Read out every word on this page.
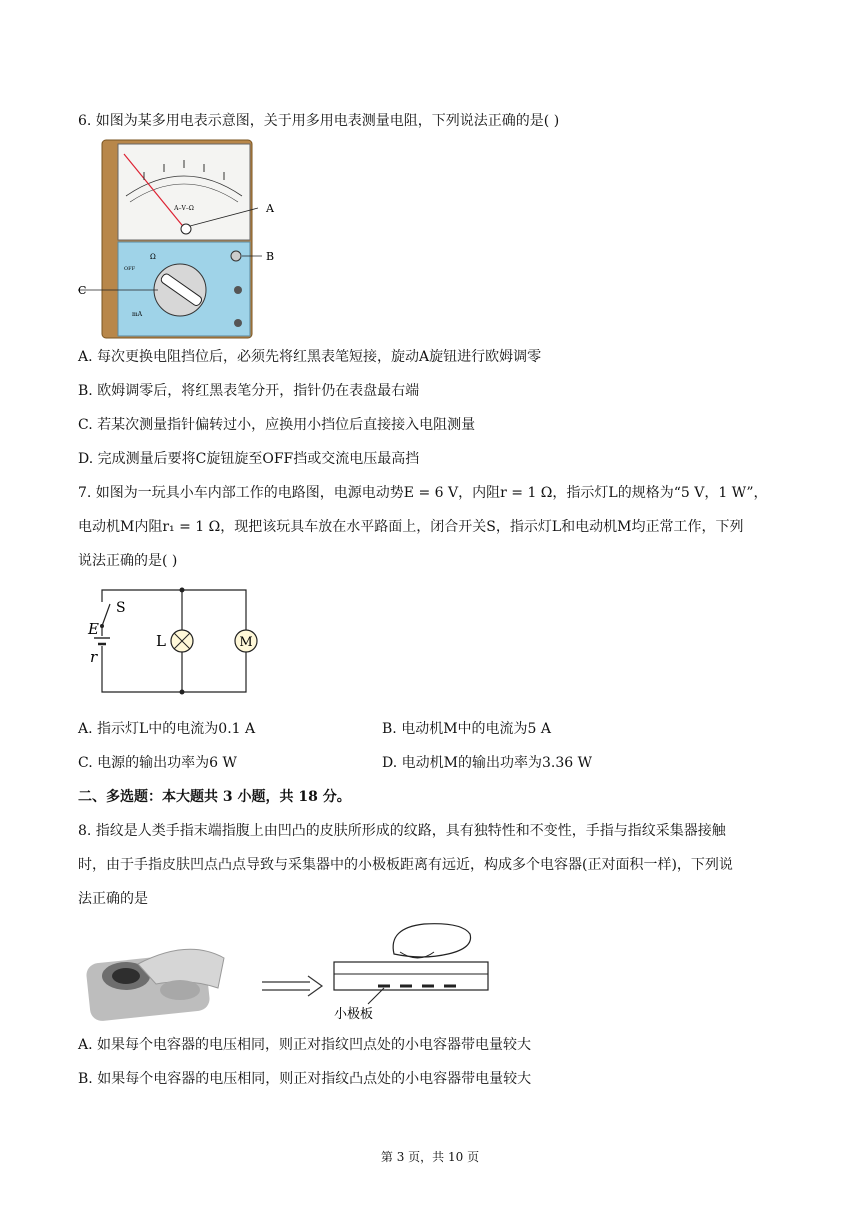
6. 如图为某多用电表示意图，关于用多用电表测量电阻，下列说法正确的是( )
A–V–Ω	A
Ω
OFF
mA
C
B
A. 每次更换电阻挡位后，必须先将红黑表笔短接，旋动A旋钮进行欧姆调零
B. 欧姆调零后，将红黑表笔分开，指针仍在表盘最右端
C. 若某次测量指针偏转过小，应换用小挡位后直接接入电阻测量
D. 完成测量后要将C旋钮旋至OFF挡或交流电压最高挡
7. 如图为一玩具小车内部工作的电路图，电源电动势E = 6 V，内阻r = 1 Ω，指示灯L的规格为“5 V，1 W”，
电动机M内阻r₁ = 1 Ω，现把该玩具车放在水平路面上，闭合开关S，指示灯L和电动机M均正常工作，下列
说法正确的是( )
S
E
r
L	M
A. 指示灯L中的电流为0.1 A	B. 电动机M中的电流为5 A
C. 电源的输出功率为6 W	D. 电动机M的输出功率为3.36 W
二、多选题：本大题共 3 小题，共 18 分。
8. 指纹是人类手指末端指腹上由凹凸的皮肤所形成的纹路，具有独特性和不变性，手指与指纹采集器接触
时，由于手指皮肤凹点凸点导致与采集器中的小极板距离有远近，构成多个电容器(正对面积一样)，下列说
法正确的是
小极板
A. 如果每个电容器的电压相同，则正对指纹凹点处的小电容器带电量较大
B. 如果每个电容器的电压相同，则正对指纹凸点处的小电容器带电量较大
第 3 页，共 10 页
